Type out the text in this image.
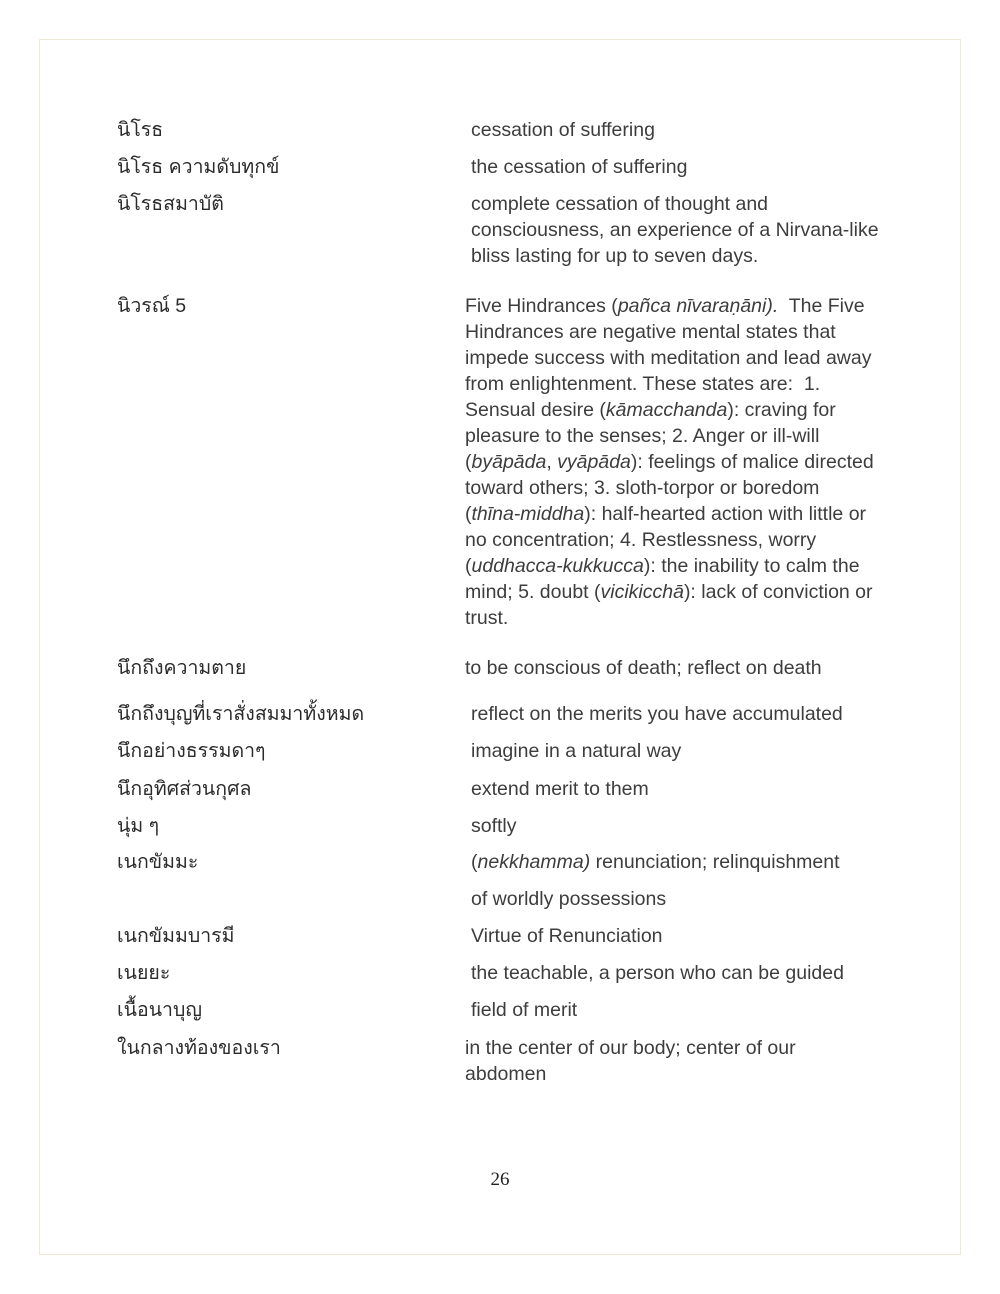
นิโรธ	cessation of suffering
นิโรธ ความดับทุกข์	the cessation of suffering
นิโรธสมาบัติ	complete cessation of thought and
consciousness, an experience of a Nirvana-like
bliss lasting for up to seven days.
นิวรณ์ 5	Five Hindrances (pañca nīvaraṇāni).  The Five
Hindrances are negative mental states that
impede success with meditation and lead away
from enlightenment. These states are:  1.
Sensual desire (kāmacchanda): craving for
pleasure to the senses; 2. Anger or ill-will
(byāpāda, vyāpāda): feelings of malice directed
toward others; 3. sloth-torpor or boredom
(thīna-middha): half-hearted action with little or
no concentration; 4. Restlessness, worry
(uddhacca-kukkucca): the inability to calm the
mind; 5. doubt (vicikicchā): lack of conviction or
trust.
นึกถึงความตาย	to be conscious of death; reflect on death
นึกถึงบุญที่เราสั่งสมมาทั้งหมด	reflect on the merits you have accumulated
นึกอย่างธรรมดาๆ	imagine in a natural way
นึกอุทิศส่วนกุศล	extend merit to them
นุ่ม ๆ	softly
เนกขัมมะ	(nekkhamma) renunciation; relinquishment
of worldly possessions
เนกขัมมบารมี	Virtue of Renunciation
เนยยะ	the teachable, a person who can be guided
เนื้อนาบุญ	field of merit
ในกลางท้องของเรา	in the center of our body; center of our
abdomen
26
